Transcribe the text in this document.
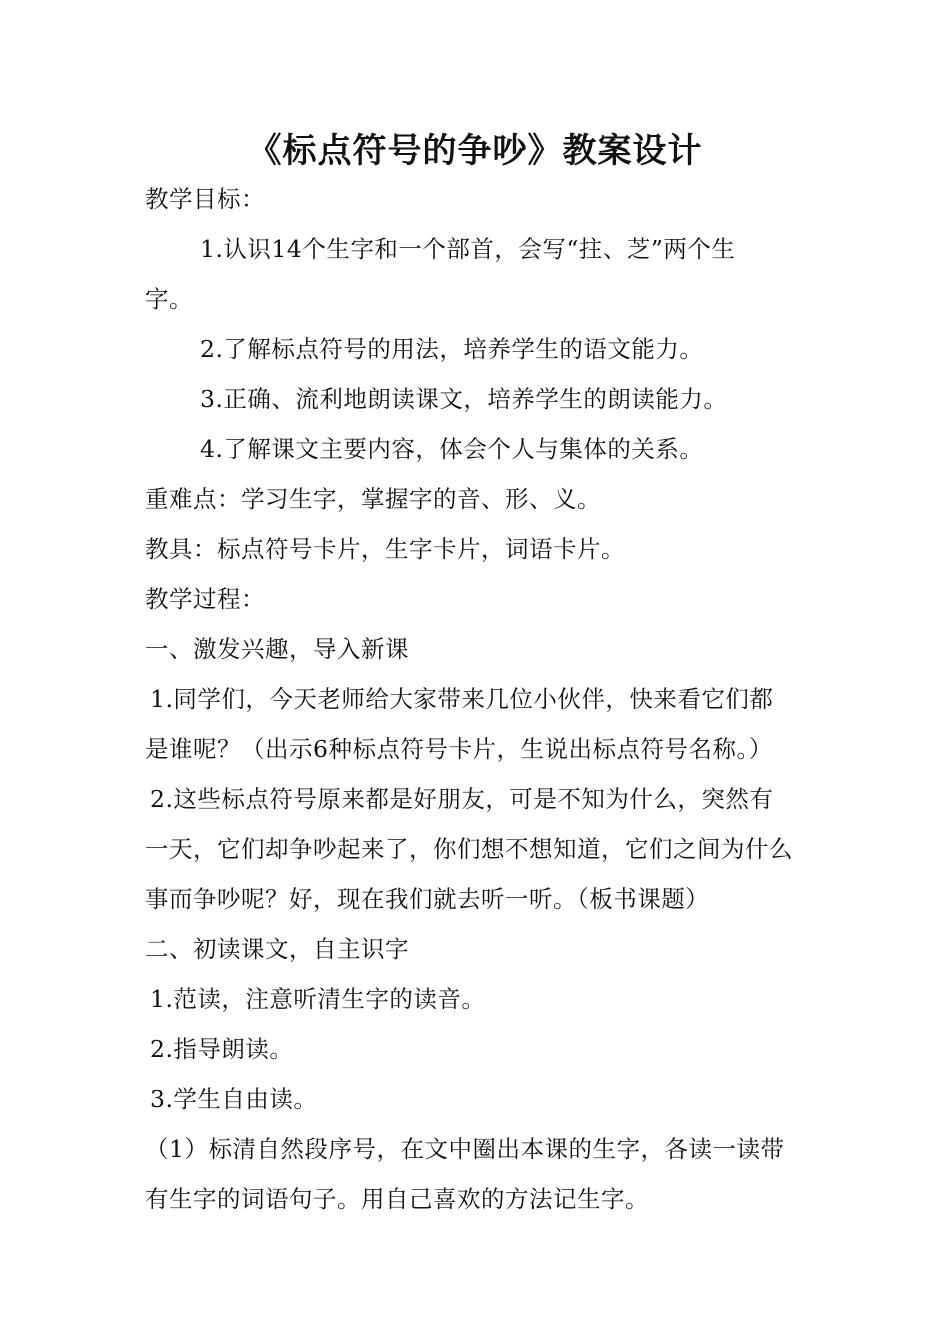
《标点符号的争吵》教案设计
教学目标：
1.认识14个生字和一个部首，会写“拄、芝”两个生
字。
2.了解标点符号的用法，培养学生的语文能力。
3.正确、流利地朗读课文，培养学生的朗读能力。
4.了解课文主要内容，体会个人与集体的关系。
重难点：学习生字，掌握字的音、形、义。
教具：标点符号卡片，生字卡片，词语卡片。
教学过程：
一、激发兴趣，导入新课
1.同学们，今天老师给大家带来几位小伙伴，快来看它们都
是谁呢？（出示6种标点符号卡片，生说出标点符号名称。）
2.这些标点符号原来都是好朋友，可是不知为什么，突然有
一天，它们却争吵起来了，你们想不想知道，它们之间为什么
事而争吵呢？好，现在我们就去听一听。（板书课题）
二、初读课文，自主识字
1.范读，注意听清生字的读音。
2.指导朗读。
3.学生自由读。
（1）标清自然段序号，在文中圈出本课的生字，各读一读带
有生字的词语句子。用自己喜欢的方法记生字。
